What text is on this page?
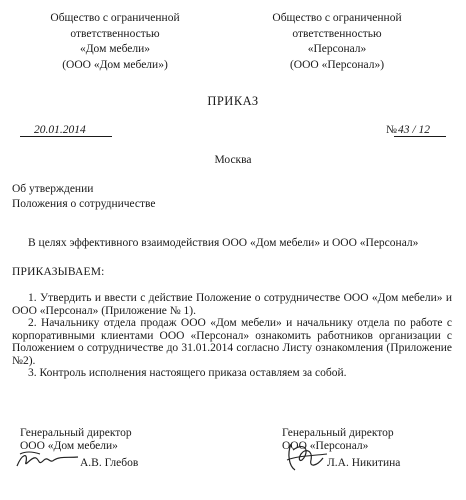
Общество с ограниченной ответственностью
«Дом мебели»
(ООО «Дом мебели»)
Общество с ограниченной ответственностью
«Персонал»
(ООО «Персонал»)
ПРИКАЗ
20.01.2014	№ 43 / 12
Москва
Об утверждении
Положения о сотрудничестве
В целях эффективного взаимодействия ООО «Дом мебели» и ООО «Персонал»
ПРИКАЗЫВАЕМ:

1. Утвердить и ввести с действие Положение о сотрудничестве ООО «Дом мебели» и ООО «Персонал» (Приложение № 1).

2. Начальнику отдела продаж ООО «Дом мебели» и начальнику отдела по работе с корпоративными клиентами ООО «Персонал» ознакомить работников организации с Положением о сотрудничестве до 31.01.2014 согласно Листу ознакомления (Приложение №2).

3. Контроль исполнения настоящего приказа оставляем за собой.

Генеральный директор
ООО «Дом мебели»
А.В. Глебов
Генеральный директор
ООО «Персонал»
Л.А. Никитина
